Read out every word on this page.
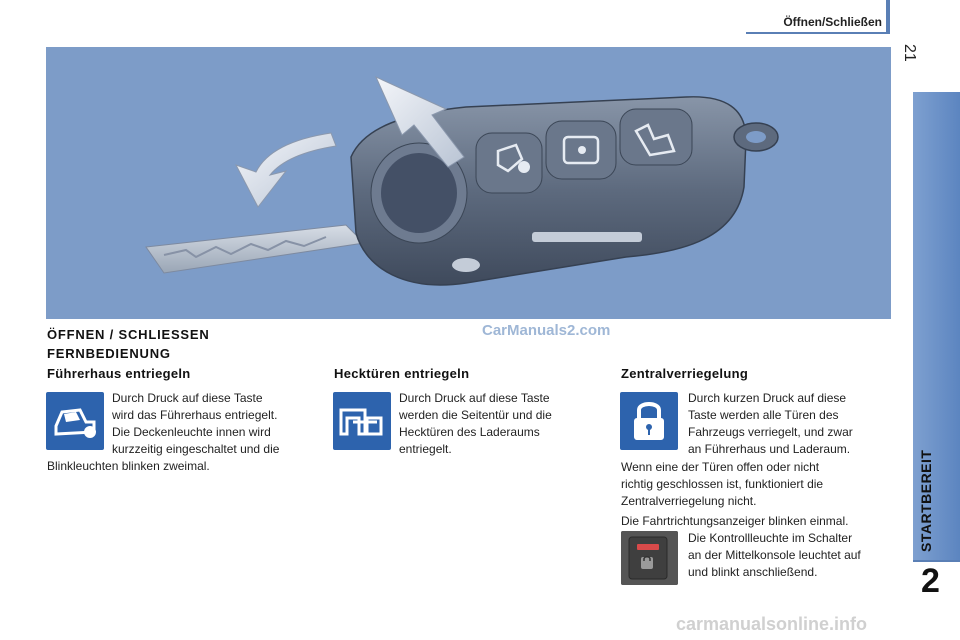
Öffnen/Schließen
21
STARTBEREIT
2
CarManuals2.com
ÖFFNEN / SCHLIESSEN
FERNBEDIENUNG
Führerhaus entriegeln
Durch Druck auf diese Taste
wird das Führerhaus entriegelt.
Die Deckenleuchte innen wird
kurzzeitig eingeschaltet und die
Blinkleuchten blinken zweimal.
Hecktüren entriegeln
Durch Druck auf diese Taste
werden die Seitentür und die
Hecktüren des Laderaums
entriegelt.
Zentralverriegelung
Durch kurzen Druck auf diese
Taste werden alle Türen des
Fahrzeugs verriegelt, und zwar
an Führerhaus und Laderaum.
Wenn eine der Türen offen oder nicht
richtig geschlossen ist, funktioniert die
Zentralverriegelung nicht.
Die Fahrtrichtungsanzeiger blinken einmal.
Die Kontrollleuchte im Schalter
an der Mittelkonsole leuchtet auf
und blinkt anschließend.
carmanualsonline.info
